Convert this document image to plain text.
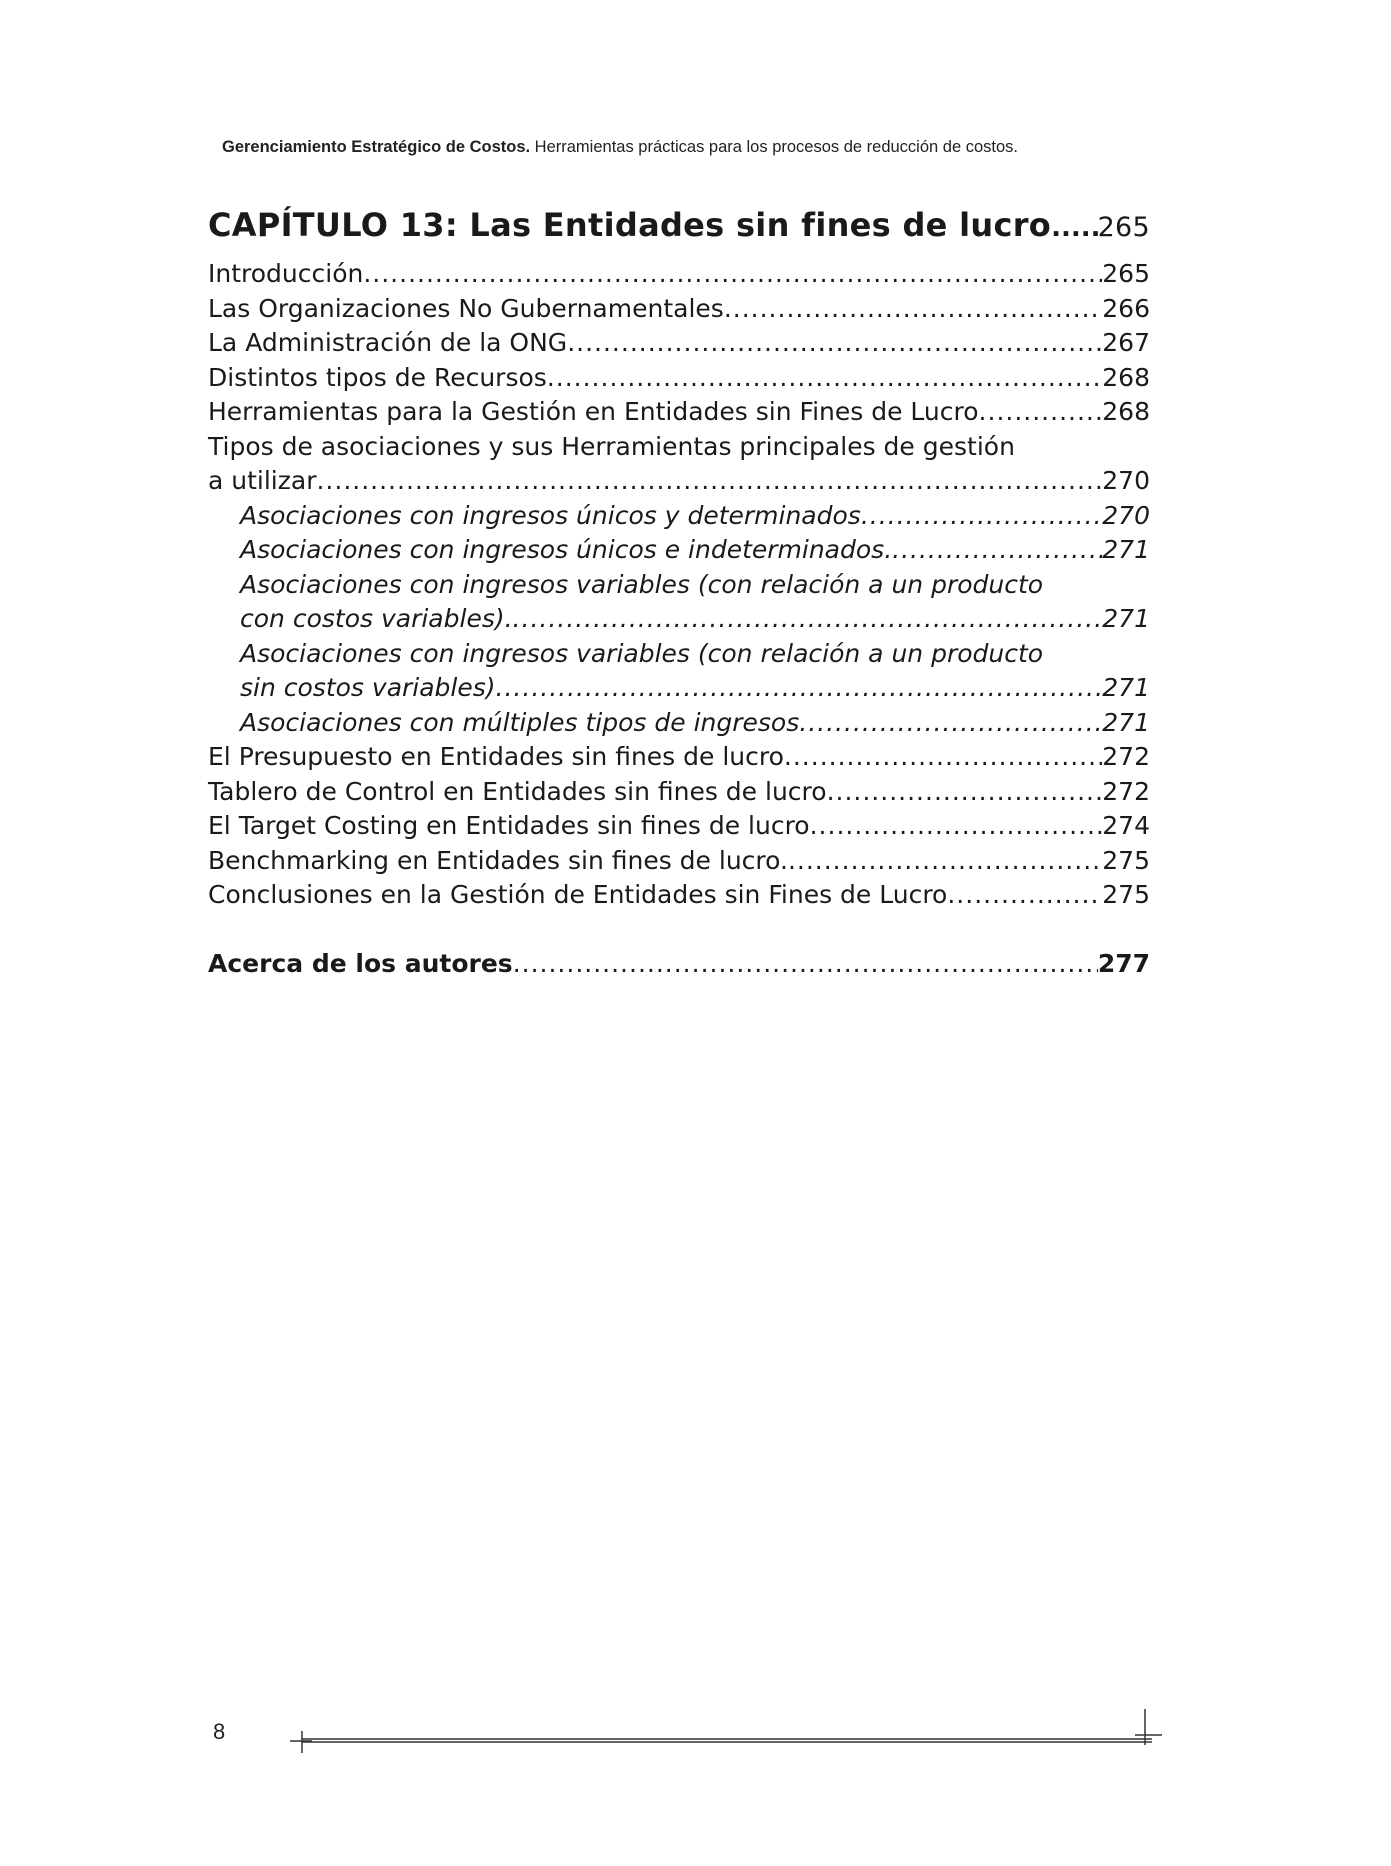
Gerenciamiento Estratégico de Costos. Herramientas prácticas para los procesos de reducción de costos.
CAPÍTULO 13: Las Entidades sin fines de lucro ..... 265
Introducción .....	265
Las Organizaciones No Gubernamentales .....	266
La Administración de la ONG .....	267
Distintos tipos de Recursos .....	268
Herramientas para la Gestión en Entidades sin Fines de Lucro .....	268
Tipos de asociaciones y sus Herramientas principales de gestión
a utilizar .....	270
Asociaciones con ingresos únicos y determinados .....	270
Asociaciones con ingresos únicos e indeterminados. .....	271
Asociaciones con ingresos variables (con relación a un producto
con costos variables). .....	271
Asociaciones con ingresos variables (con relación a un producto
sin costos variables) .....	271
Asociaciones con múltiples tipos de ingresos .....	271
El Presupuesto en Entidades sin fines de lucro .....	272
Tablero de Control en Entidades sin fines de lucro .....	272
El Target Costing en Entidades sin fines de lucro .....	274
Benchmarking en Entidades sin fines de lucro. .....	275
Conclusiones en la Gestión de Entidades sin Fines de Lucro .....	275
Acerca de los autores .....	277
8
